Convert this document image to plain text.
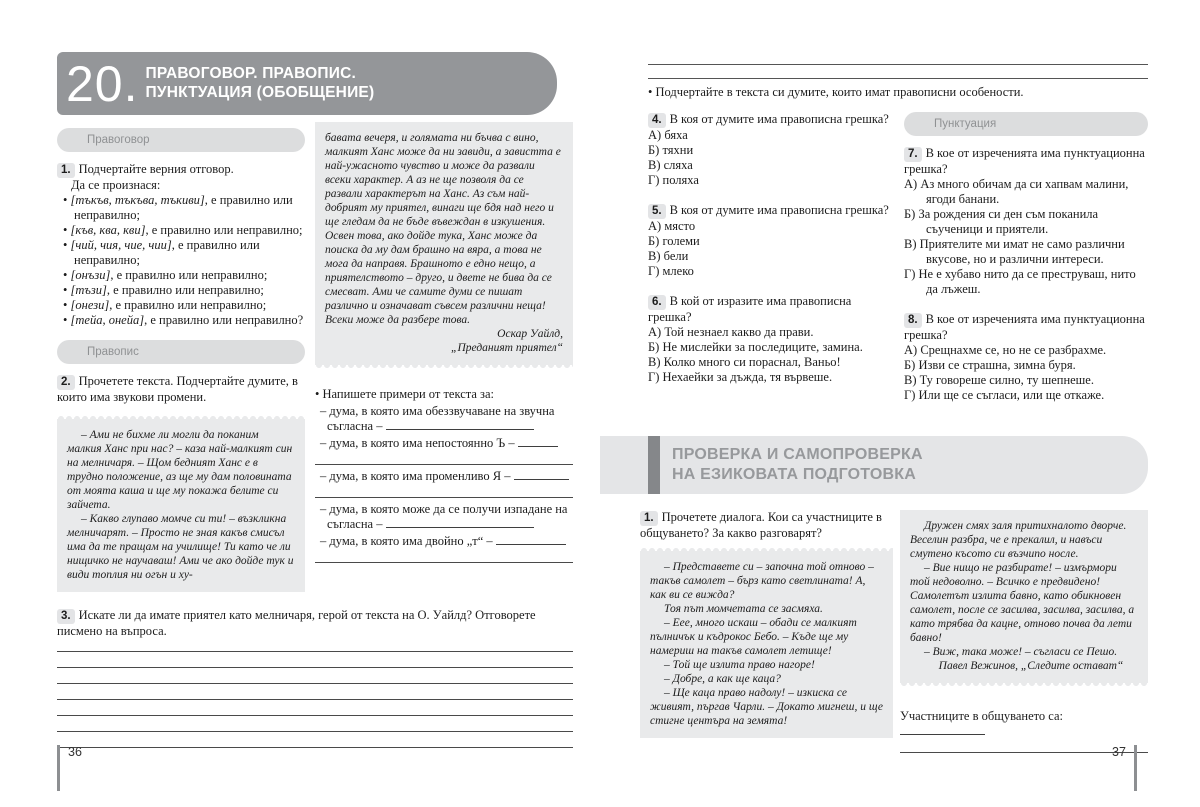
20. ПРАВОГОВОР. ПРАВОПИС.
ПУНКТУАЦИЯ (ОБОБЩЕНИЕ)
Правоговор
1. Подчертайте верния отговор.
Да се произнася:
• [тъкъв, тъкъва, тъкиви], е правилно или неправилно;
• [къв, ква, кви], е правилно или неправилно;
• [чий, чия, чие, чии], е правилно или неправилно;
• [онъзи], е правилно или неправилно;
• [тъзи], е правилно или неправилно;
• [онези], е правилно или неправилно;
• [тейа, онейа], е правилно или неправилно?
Правопис
2. Прочетете текста. Подчертайте думите, в които има звукови промени.

– Ами не бихме ли могли да поканим малкия Ханс при нас? – каза най-малкият син на мелничаря. – Щом бедният Ханс е в трудно положение, аз ще му дам половината от моята каша и ще му покажа белите си зайчета.

– Какво глупаво момче си ти! – възкликна мелничарят. – Просто не зная какъв смисъл има да те пращам на училище! Ти като че ли нищичко не научаваш! Ами че ако дойде тук и види топлия ни огън и ху-

бавата вечеря, и голямата ни бъчва с вино, малкият Ханс може да ни завиди, а завистта е най-ужасното чувство и може да развали всеки характер. А аз не ще позволя да се развали характерът на Ханс. Аз съм най-добрият му приятел, винаги ще бдя над него и ще гледам да не бъде въвеждан в изкушения. Освен това, ако дойде тука, Ханс може да поиска да му дам брашно на вяра, а това не мога да направя. Брашното е едно нещо, а приятелството – друго, и двете не бива да се смесват. Ами че самите думи се пишат различно и означават съвсем различни неща! Всеки може да разбере това.

Оскар Уайлд,

„Преданият приятел“

• Напишете примери от текста за:
– дума, в която има обеззвучаване на звучна съгласна –
– дума, в която има непостоянно Ъ –
– дума, в която има променливо Я –
– дума, в която може да се получи изпадане на съгласна –
– дума, в която има двойно „т“ –
3. Искате ли да имате приятел като мелничаря, герой от текста на О. Уайлд? Отговорете писмено на въпроса.
• Подчертайте в текста си думите, които имат правописни особености.
4. В коя от думите има правописна грешка?
А) бяха
Б) тяхни
В) сляха
Г) поляха
5. В коя от думите има правописна грешка?
А) място
Б) големи
В) бели
Г) млеко
6. В кой от изразите има правописна грешка?
А) Той незнаел какво да прави.
Б) Не мислейки за последиците, замина.
В) Колко много си пораснал, Ваньо!
Г) Нехаейки за дъжда, тя вървеше.
Пунктуация
7. В кое от изреченията има пунктуационна грешка?
А) Аз много обичам да си хапвам малини, ягоди банани.
Б) За рождения си ден съм поканила съученици и приятели.
В) Приятелите ми имат не само различни вкусове, но и различни интереси.
Г) Не е хубаво нито да се преструваш, нито да лъжеш.
8. В кое от изреченията има пунктуационна грешка?
А) Срещнахме се, но не се разбрахме.
Б) Изви се страшна, зимна буря.
В) Ту говореше силно, ту шепнеше.
Г) Или ще се съгласи, или ще откаже.
ПРОВЕРКА И САМОПРОВЕРКА
НА ЕЗИКОВАТА ПОДГОТОВКА
1. Прочетете диалога. Кои са участниците в общуването? За какво разговарят?

– Представете си – започна той отново – такъв самолет – бърз като светлината! А, как ви се вижда?

Тоя път момчетата се засмяха.

– Еее, много искаш – обади се малкият пълничък и къдрокос Бебо. – Къде ще му намериш на такъв самолет летище!

– Той ще излита право нагоре!

– Добре, а как ще каца?

– Ще каца право надолу! – изкиска се живият, пъргав Чарли. – Докато мигнеш, и ще стигне центъра на земята!

Дружен смях заля притихналото дворче. Веселин разбра, че е прекалил, и навъси смутено късото си възчипо носле.

– Вие нищо не разбирате! – измърмори той недоволно. – Всичко е предвидено! Самолетът излита бавно, като обикновен самолет, после се засилва, засилва, засилва, а като трябва да кацне, отново почва да лети бавно!

– Виж, така може! – съгласи се Пешо.

Павел Вежинов, „Следите остават“

Участниците в общуването са:
36	37
